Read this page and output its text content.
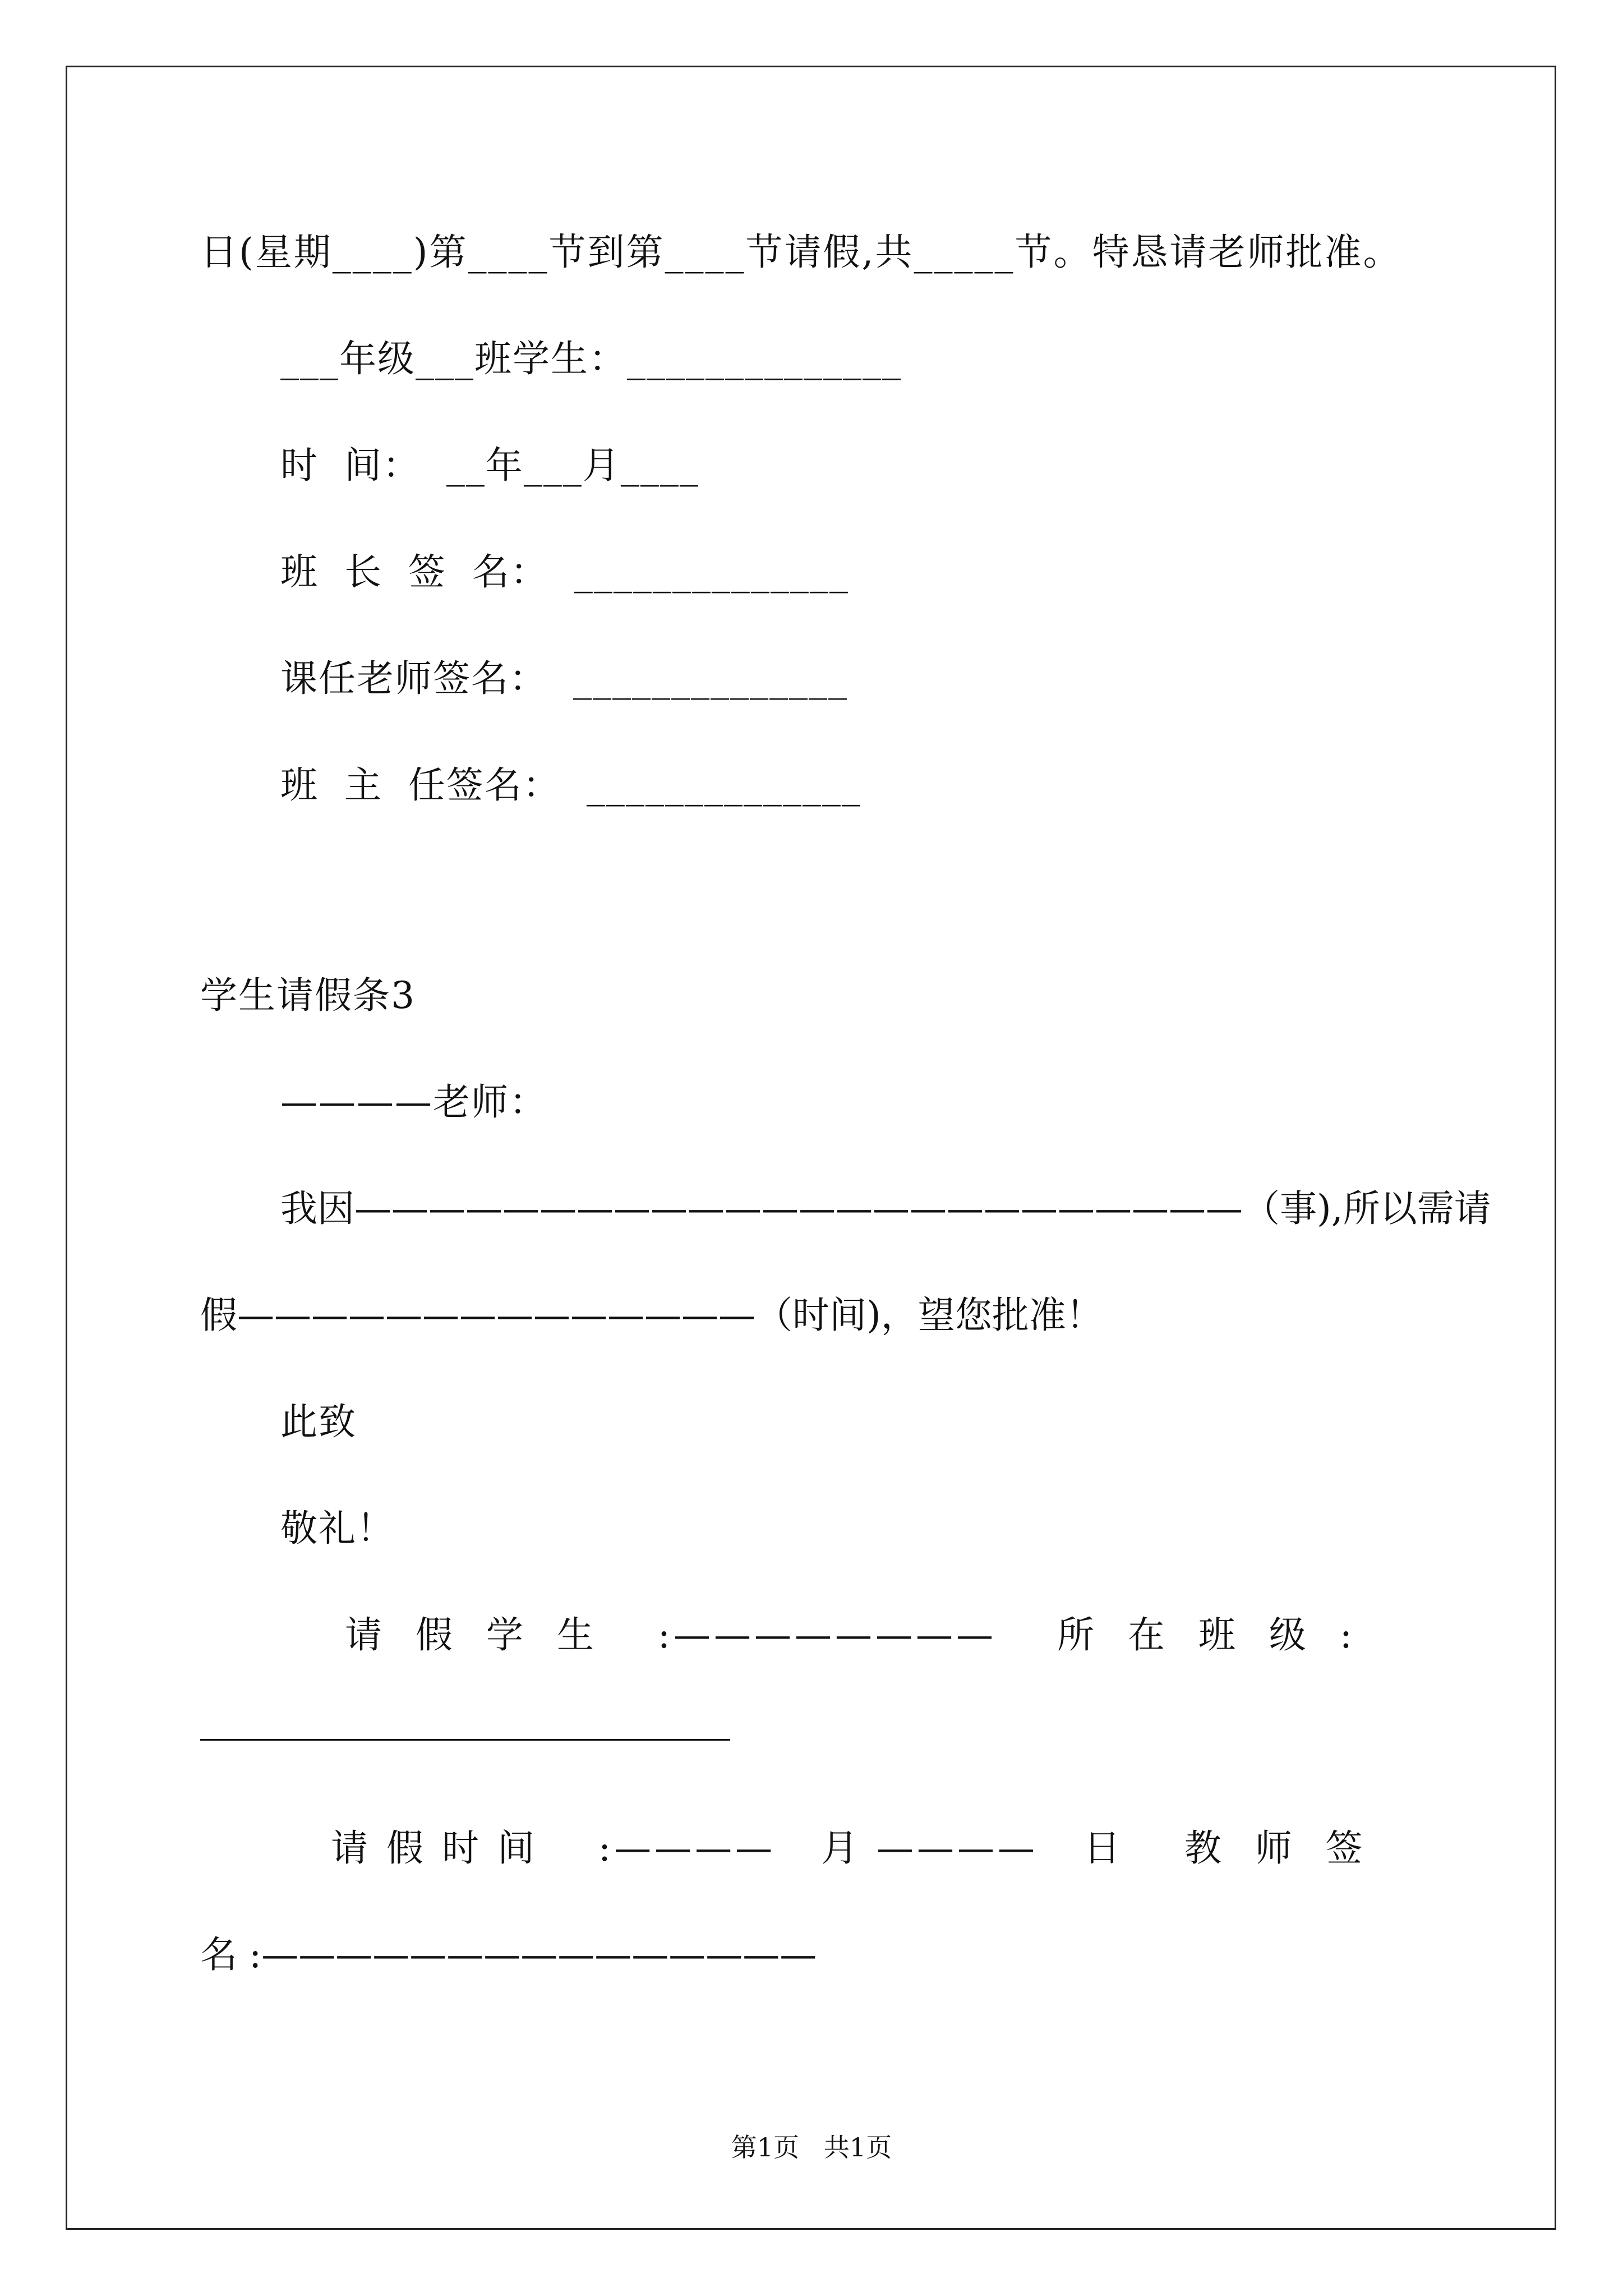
日(星期____)第____节到第____节请假,共_____节。特恳请老师批准。
___年级___班学生：______________
时  间：  __年___月____
班  长  签  名：  ______________
课任老师签名：  ______________
班  主  任签名：  ______________
学生请假条3
————老师：
我因————————————————————————（事),所以需请
假——————————————（时间)，望您批准！
此致
敬礼！
请  假  学  生    :————————    所  在  班  级  :
请 假 时 间    :————   月 ————   日    教  师  签
名 :———————————————
第1页   共1页
